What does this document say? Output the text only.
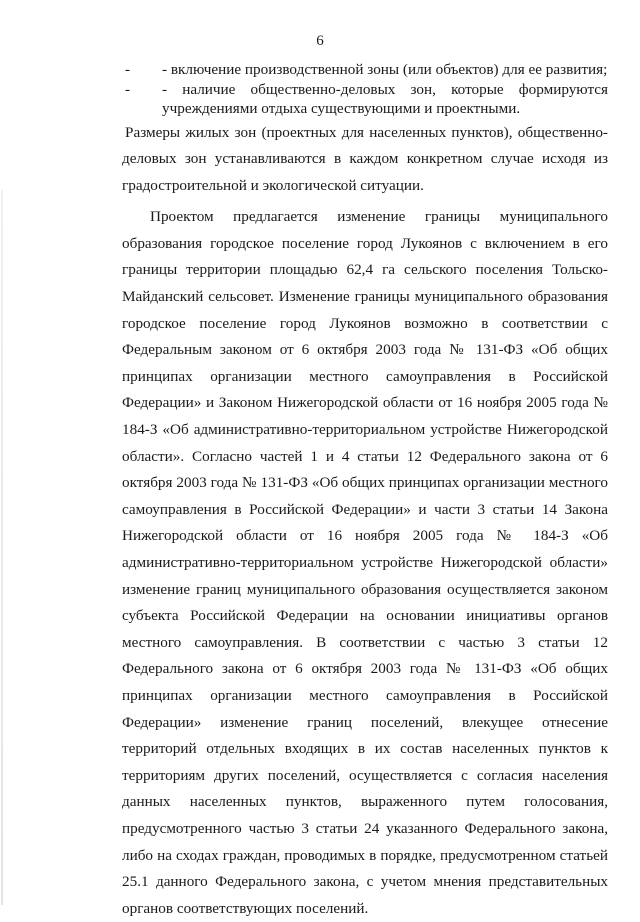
6
- - включение производственной зоны (или объектов) для ее развития;
- - наличие общественно-деловых зон, которые формируются учреждениями отдыха существующими и проектными.

Размеры жилых зон (проектных для населенных пунктов), общественно-деловых зон устанавливаются в каждом конкретном случае исходя из градостроительной и экологической ситуации.

Проектом предлагается изменение границы муниципального образования городское поселение город Лукоянов с включением в его границы территории площадью 62,4 га сельского поселения Тольско-Майданский сельсовет. Изменение границы муниципального образования городское поселение город Лукоянов возможно в соответствии с Федеральным законом от 6 октября 2003 года № 131-ФЗ «Об общих принципах организации местного самоуправления в Российской Федерации» и Законом Нижегородской области от 16 ноября 2005 года № 184-З «Об административно-территориальном устройстве Нижегородской области». Согласно частей 1 и 4 статьи 12 Федерального закона от 6 октября 2003 года № 131-ФЗ «Об общих принципах организации местного самоуправления в Российской Федерации» и части 3 статьи 14 Закона Нижегородской области от 16 ноября 2005 года № 184-З «Об административно-территориальном устройстве Нижегородской области» изменение границ муниципального образования осуществляется законом субъекта Российской Федерации на основании инициативы органов местного самоуправления. В соответствии с частью 3 статьи 12 Федерального закона от 6 октября 2003 года № 131-ФЗ «Об общих принципах организации местного самоуправления в Российской Федерации» изменение границ поселений, влекущее отнесение территорий отдельных входящих в их состав населенных пунктов к территориям других поселений, осуществляется с согласия населения данных населенных пунктов, выраженного путем голосования, предусмотренного частью 3 статьи 24 указанного Федерального закона, либо на сходах граждан, проводимых в порядке, предусмотренном статьей 25.1 данного Федерального закона, с учетом мнения представительных органов соответствующих поселений.
